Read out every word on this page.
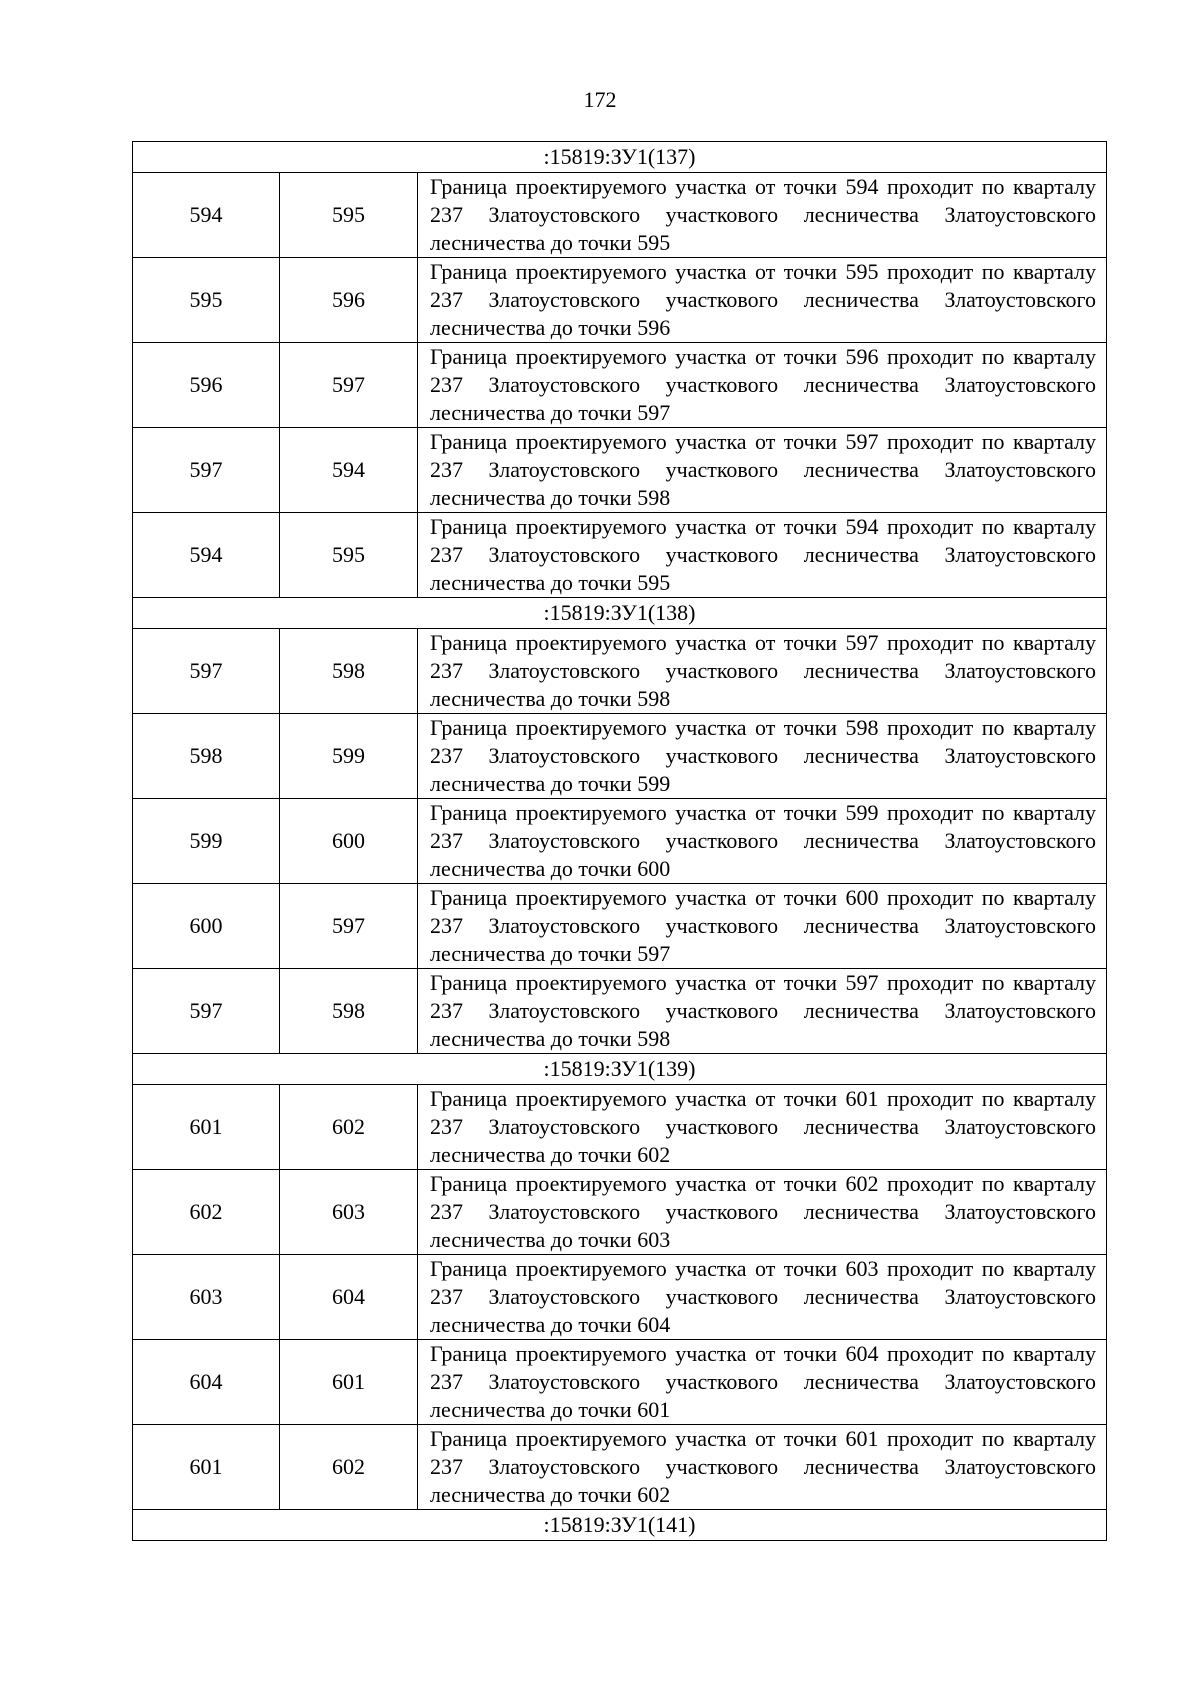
172
:15819:ЗУ1(137)		
594	595	Граница проектируемого участка от точки 594 проходит по кварталу 237 Златоустовского участкового лесничества Златоустовского лесничества до точки 595
595	596	Граница проектируемого участка от точки 595 проходит по кварталу 237 Златоустовского участкового лесничества Златоустовского лесничества до точки 596
596	597	Граница проектируемого участка от точки 596 проходит по кварталу 237 Златоустовского участкового лесничества Златоустовского лесничества до точки 597
597	594	Граница проектируемого участка от точки 597 проходит по кварталу 237 Златоустовского участкового лесничества Златоустовского лесничества до точки 598
594	595	Граница проектируемого участка от точки 594 проходит по кварталу 237 Златоустовского участкового лесничества Златоустовского лесничества до точки 595
:15819:ЗУ1(138)		
597	598	Граница проектируемого участка от точки 597 проходит по кварталу 237 Златоустовского участкового лесничества Златоустовского лесничества до точки 598
598	599	Граница проектируемого участка от точки 598 проходит по кварталу 237 Златоустовского участкового лесничества Златоустовского лесничества до точки 599
599	600	Граница проектируемого участка от точки 599 проходит по кварталу 237 Златоустовского участкового лесничества Златоустовского лесничества до точки 600
600	597	Граница проектируемого участка от точки 600 проходит по кварталу 237 Златоустовского участкового лесничества Златоустовского лесничества до точки 597
597	598	Граница проектируемого участка от точки 597 проходит по кварталу 237 Златоустовского участкового лесничества Златоустовского лесничества до точки 598
:15819:ЗУ1(139)		
601	602	Граница проектируемого участка от точки 601 проходит по кварталу 237 Златоустовского участкового лесничества Златоустовского лесничества до точки 602
602	603	Граница проектируемого участка от точки 602 проходит по кварталу 237 Златоустовского участкового лесничества Златоустовского лесничества до точки 603
603	604	Граница проектируемого участка от точки 603 проходит по кварталу 237 Златоустовского участкового лесничества Златоустовского лесничества до точки 604
604	601	Граница проектируемого участка от точки 604 проходит по кварталу 237 Златоустовского участкового лесничества Златоустовского лесничества до точки 601
601	602	Граница проектируемого участка от точки 601 проходит по кварталу 237 Златоустовского участкового лесничества Златоустовского лесничества до точки 602
:15819:ЗУ1(141)		
